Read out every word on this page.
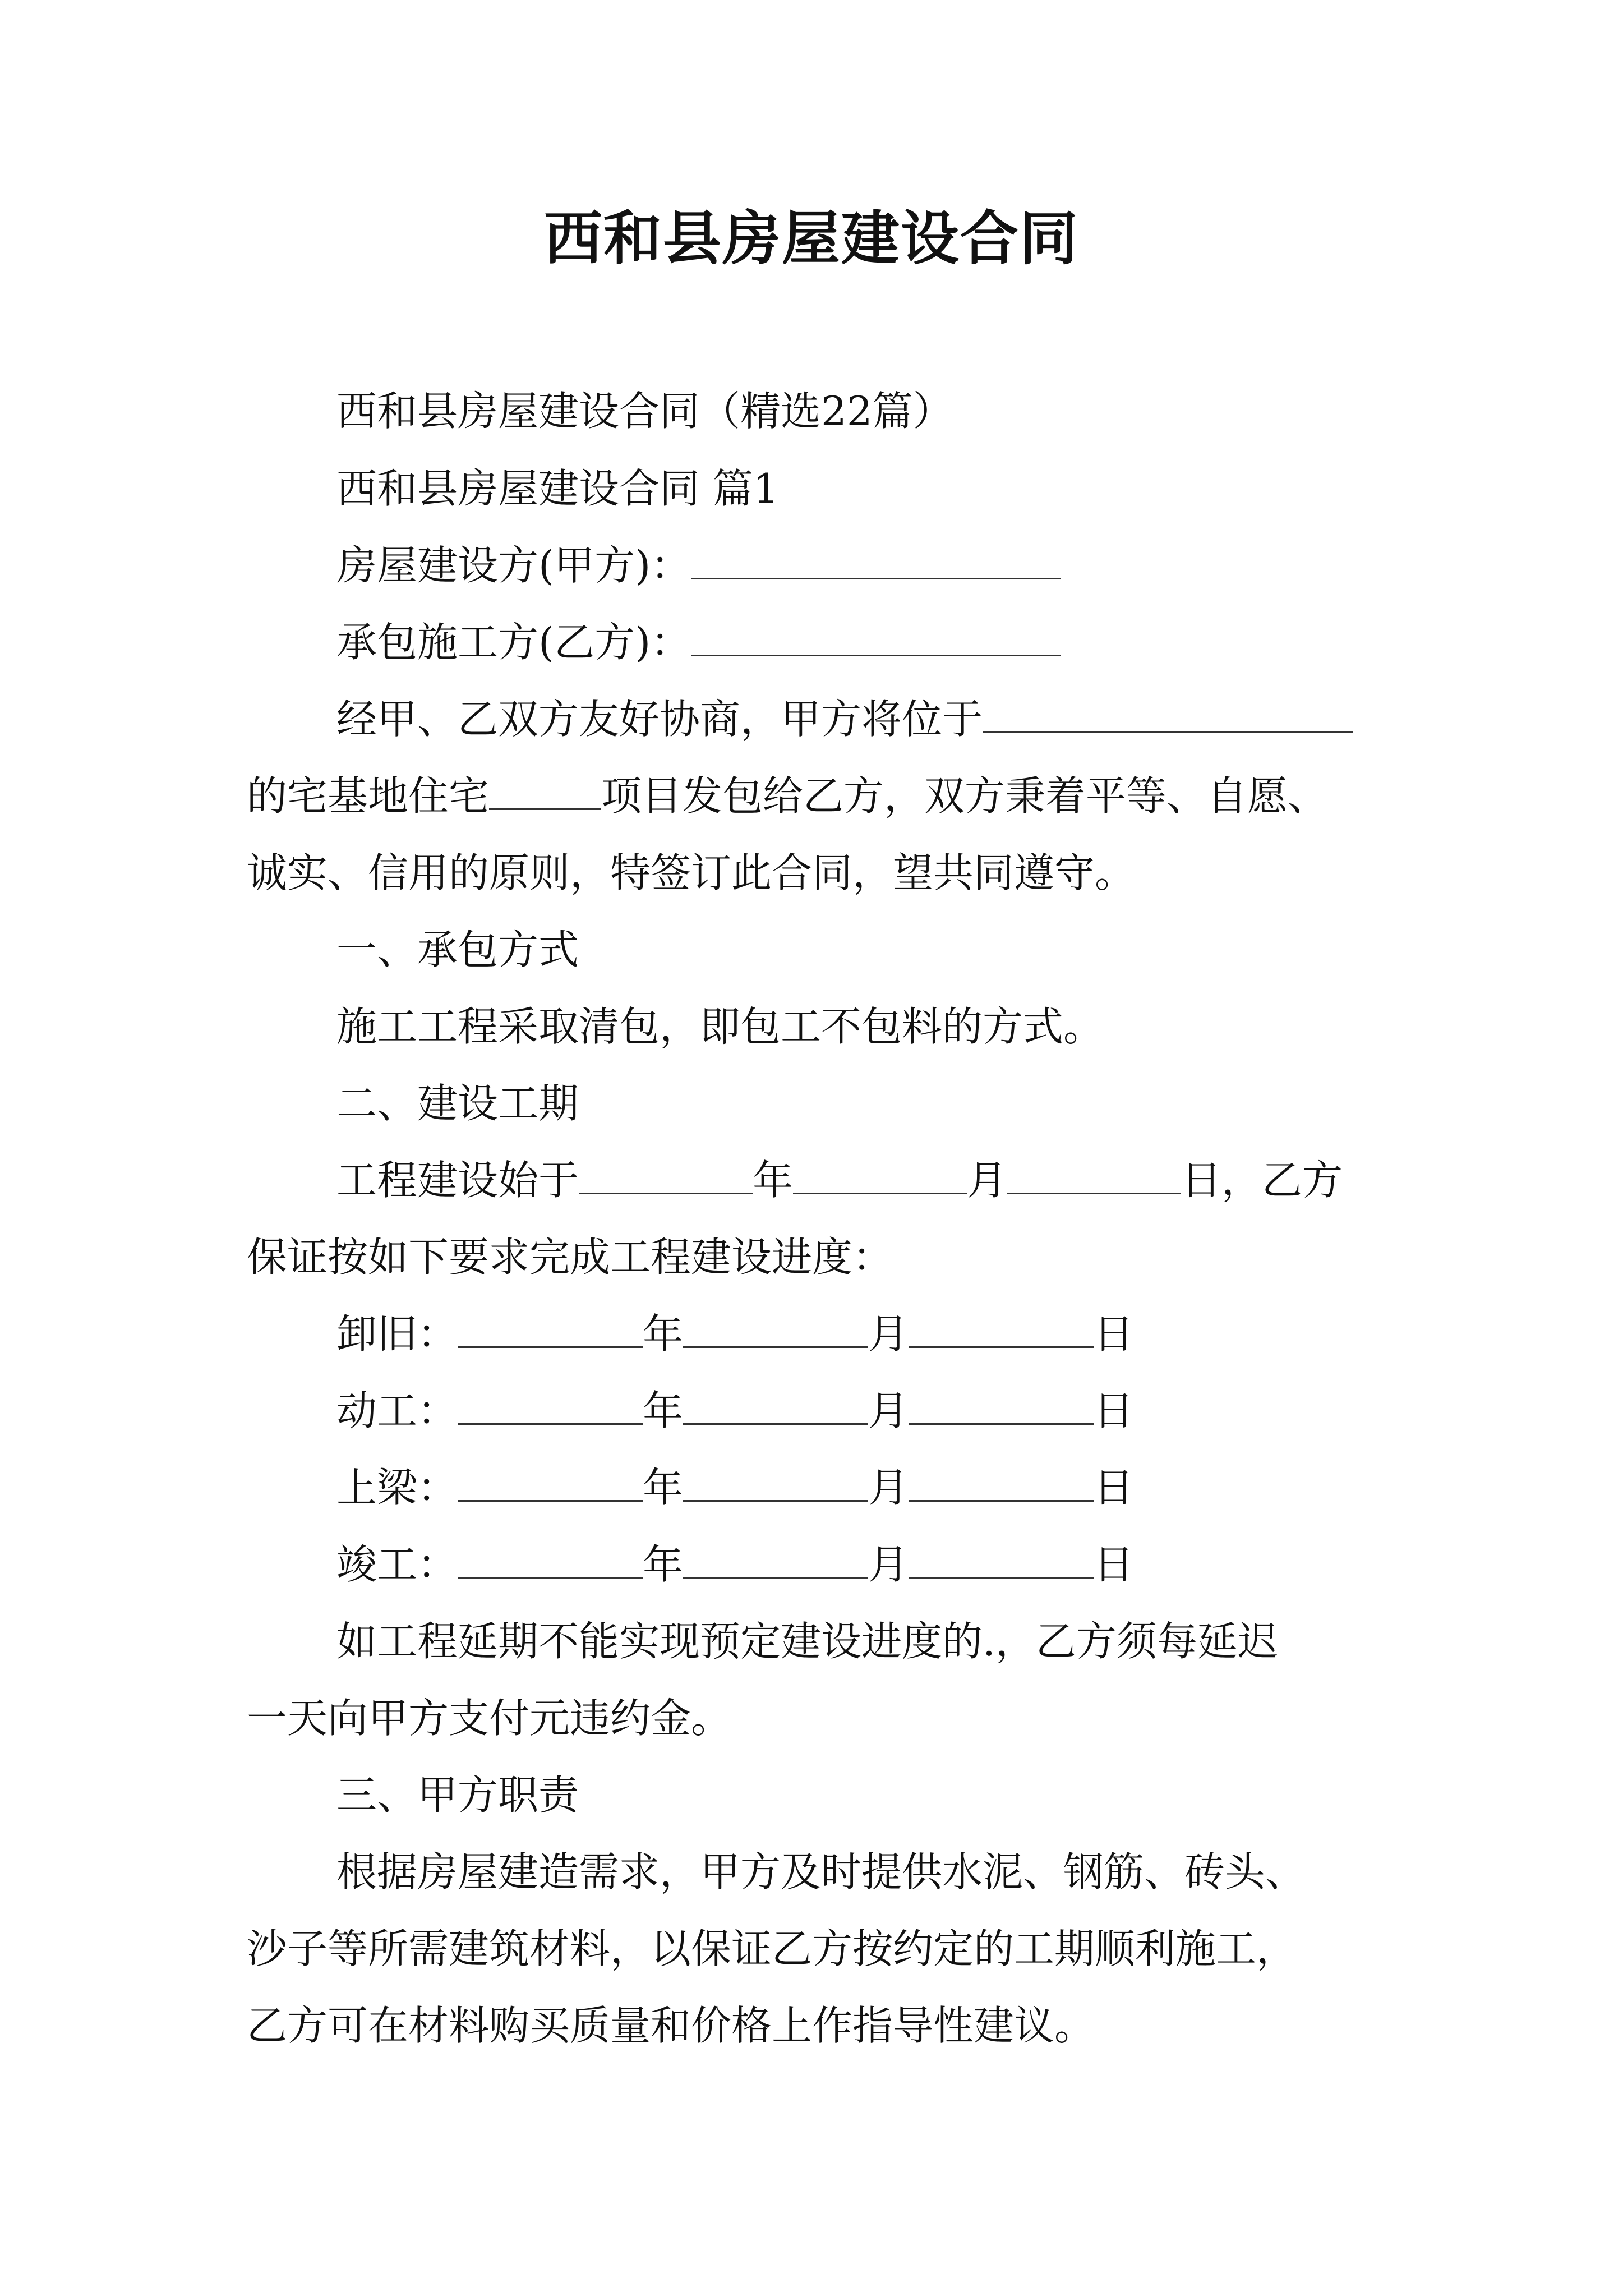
西和县房屋建设合同
西和县房屋建设合同（精选22篇）
西和县房屋建设合同 篇1
房屋建设方(甲方)：
承包施工方(乙方)：
经甲、乙双方友好协商，甲方将位于
的宅基地住宅	项目发包给乙方，双方秉着平等、自愿、
诚实、信用的原则，特签订此合同，望共同遵守。
一、承包方式
施工工程采取清包，即包工不包料的方式。
二、建设工期
工程建设始于	年	月	日，乙方
保证按如下要求完成工程建设进度：
卸旧：	年	月	日
动工：	年	月	日
上梁：	年	月	日
竣工：	年	月	日
如工程延期不能实现预定建设进度的.，乙方须每延迟
一天向甲方支付元违约金。
三、甲方职责
根据房屋建造需求，甲方及时提供水泥、钢筋、砖头、
沙子等所需建筑材料，以保证乙方按约定的工期顺利施工，
乙方可在材料购买质量和价格上作指导性建议。
